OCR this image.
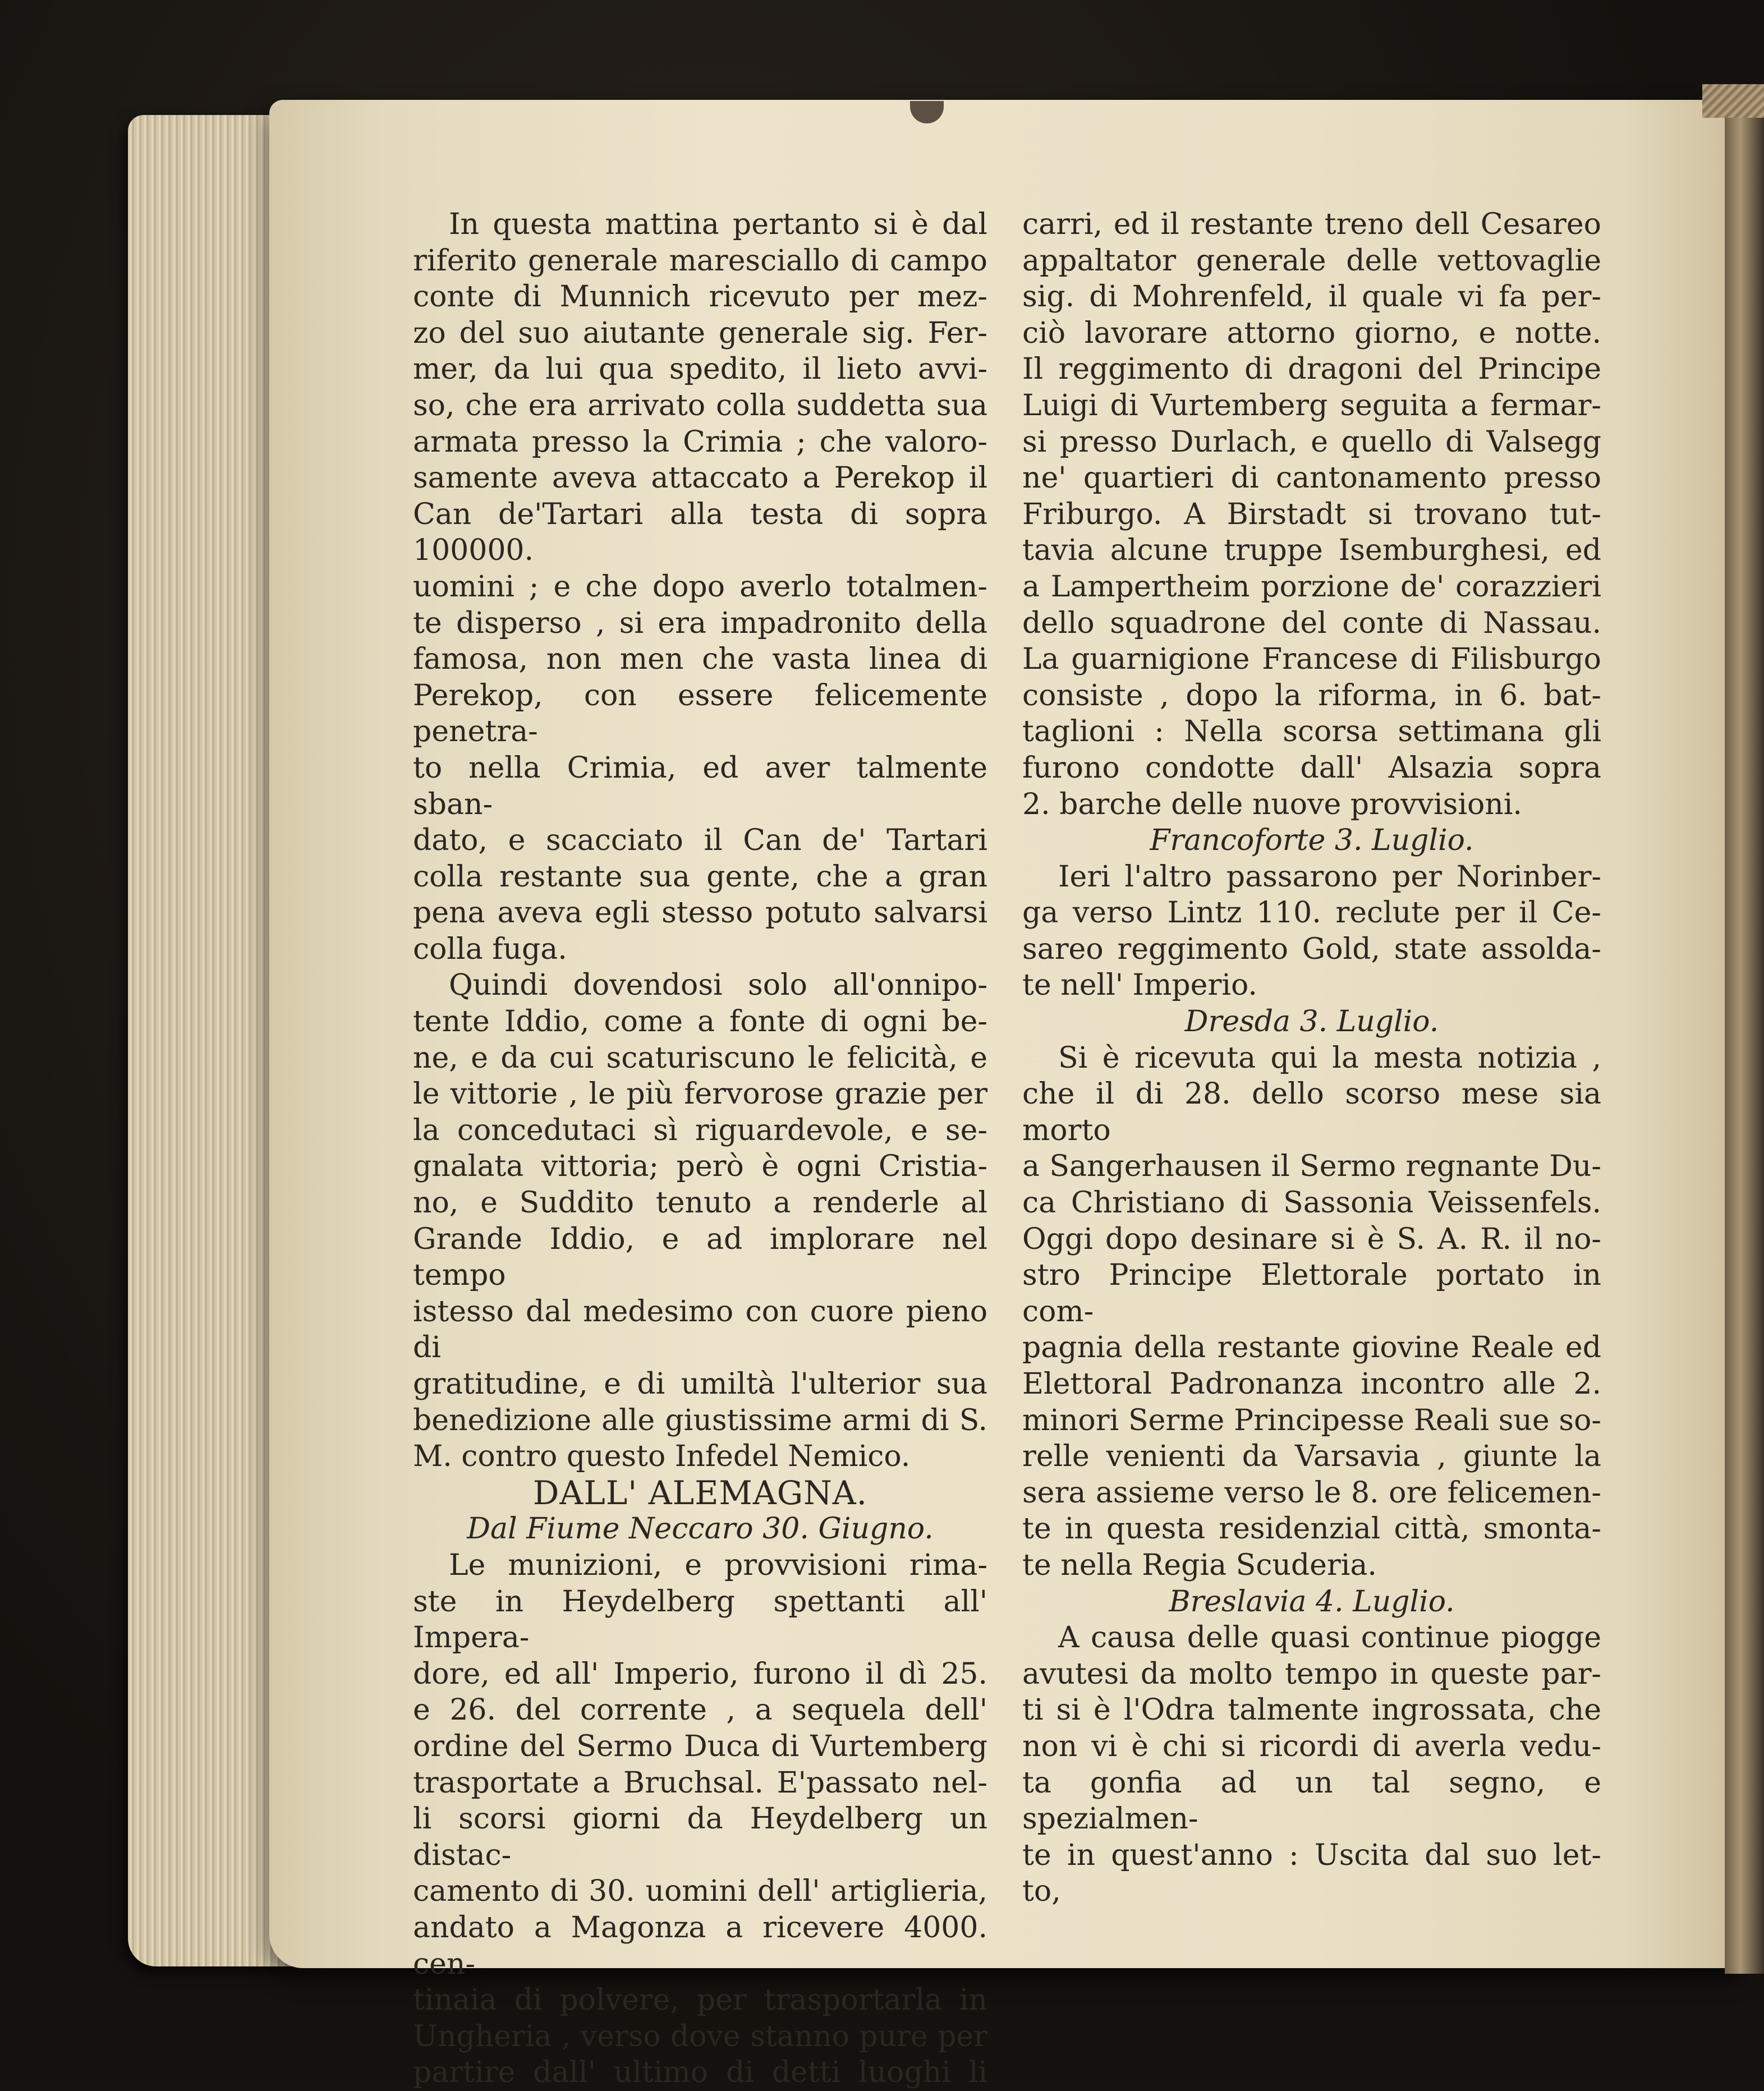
In questa mattina pertanto si è dal

riferito generale maresciallo di campo

conte di Munnich ricevuto per mez-

zo del suo aiutante generale sig. Fer-

mer, da lui qua spedito, il lieto avvi-

so, che era arrivato colla suddetta sua

armata presso la Crimia ; che valoro-

samente aveva attaccato a Perekop il

Can de'Tartari alla testa di sopra 100000.

uomini ; e che dopo averlo totalmen-

te disperso , si era impadronito della

famosa, non men che vasta linea di

Perekop, con essere felicemente penetra-

to nella Crimia, ed aver talmente sban-

dato, e scacciato il Can de' Tartari

colla restante sua gente, che a gran

pena aveva egli stesso potuto salvarsi

colla fuga.

Quindi dovendosi solo all'onnipo-

tente Iddio, come a fonte di ogni be-

ne, e da cui scaturiscuno le felicità, e

le vittorie , le più fervorose grazie per

la concedutaci sì riguardevole, e se-

gnalata vittoria; però è ogni Cristia-

no, e Suddito tenuto a renderle al

Grande Iddio, e ad implorare nel tempo

istesso dal medesimo con cuore pieno di

gratitudine, e di umiltà l'ulterior sua

benedizione alle giustissime armi di S.

M. contro questo Infedel Nemico.

DALL' ALEMAGNA.

Dal Fiume Neccaro 30. Giugno.

Le munizioni, e provvisioni rima-

ste in Heydelberg spettanti all' Impera-

dore, ed all' Imperio, furono il dì 25.

e 26. del corrente , a sequela dell'

ordine del Sermo Duca di Vurtemberg

trasportate a Bruchsal. E'passato nel-

li scorsi giorni da Heydelberg un distac-

camento di 30. uomini dell' artiglieria,

andato a Magonza a ricevere 4000. cen-

tinaia di polvere, per trasportarla in

Ungheria , verso dove stanno pure per

partire dall' ultimo di detti luoghi li

carri, ed il restante treno dell Cesareo

appaltator generale delle vettovaglie

sig. di Mohrenfeld, il quale vi fa per-

ciò lavorare attorno giorno, e notte.

Il reggimento di dragoni del Principe

Luigi di Vurtemberg seguita a fermar-

si presso Durlach, e quello di Valsegg

ne' quartieri di cantonamento presso

Friburgo. A Birstadt si trovano tut-

tavia alcune truppe Isemburghesi, ed

a Lampertheim porzione de' corazzieri

dello squadrone del conte di Nassau.

La guarnigione Francese di Filisburgo

consiste , dopo la riforma, in 6. bat-

taglioni : Nella scorsa settimana gli

furono condotte dall' Alsazia sopra

2. barche delle nuove provvisioni.

Francoforte 3. Luglio.

Ieri l'altro passarono per Norinber-

ga verso Lintz 110. reclute per il Ce-

sareo reggimento Gold, state assolda-

te nell' Imperio.

Dresda 3. Luglio.

Si è ricevuta qui la mesta notizia ,

che il di 28. dello scorso mese sia morto

a Sangerhausen il Sermo regnante Du-

ca Christiano di Sassonia Veissenfels.

Oggi dopo desinare si è S. A. R. il no-

stro Principe Elettorale portato in com-

pagnia della restante giovine Reale ed

Elettoral Padronanza incontro alle 2.

minori Serme Principesse Reali sue so-

relle venienti da Varsavia , giunte la

sera assieme verso le 8. ore felicemen-

te in questa residenzial città, smonta-

te nella Regia Scuderia.

Breslavia 4. Luglio.

A causa delle quasi continue piogge

avutesi da molto tempo in queste par-

ti si è l'Odra talmente ingrossata, che

non vi è chi si ricordi di averla vedu-

ta gonfia ad un tal segno, e spezialmen-

te in quest'anno : Uscita dal suo let-

to,
